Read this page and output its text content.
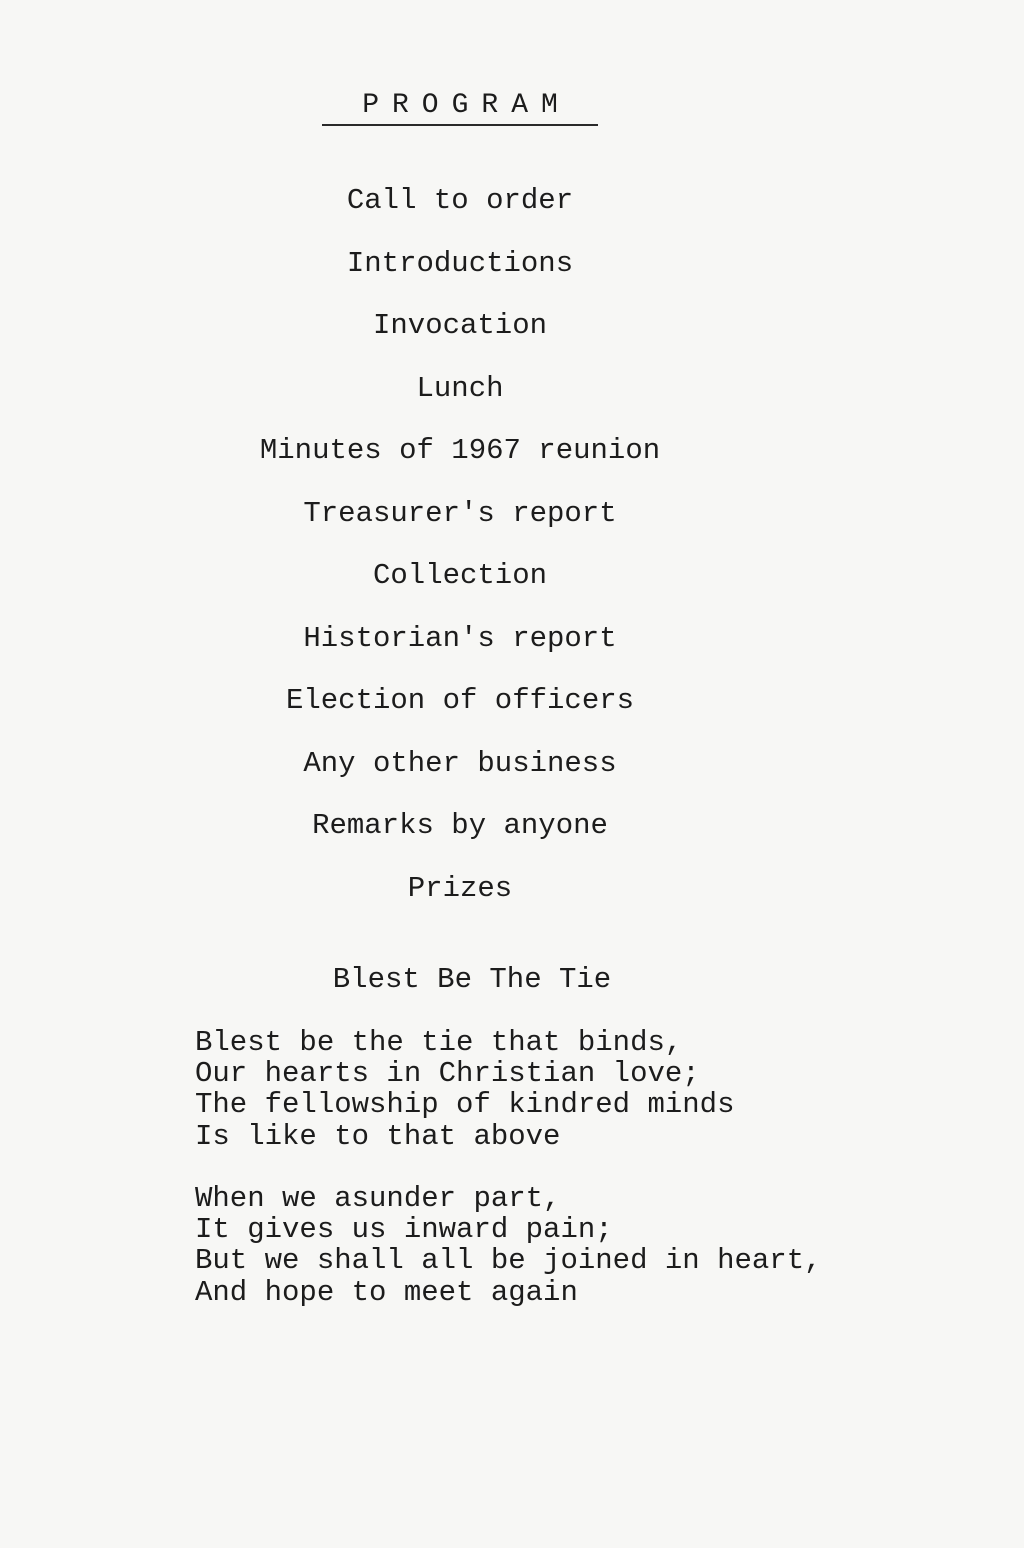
PROGRAM
Call to order
Introductions
Invocation
Lunch
Minutes of 1967 reunion
Treasurer's report
Collection
Historian's report
Election of officers
Any other business
Remarks by anyone
Prizes
Blest Be The Tie
Blest be the tie that binds,
Our hearts in Christian love;
The fellowship of kindred minds
Is like to that above
When we asunder part,
It gives us inward pain;
But we shall all be joined in heart,
And hope to meet again
